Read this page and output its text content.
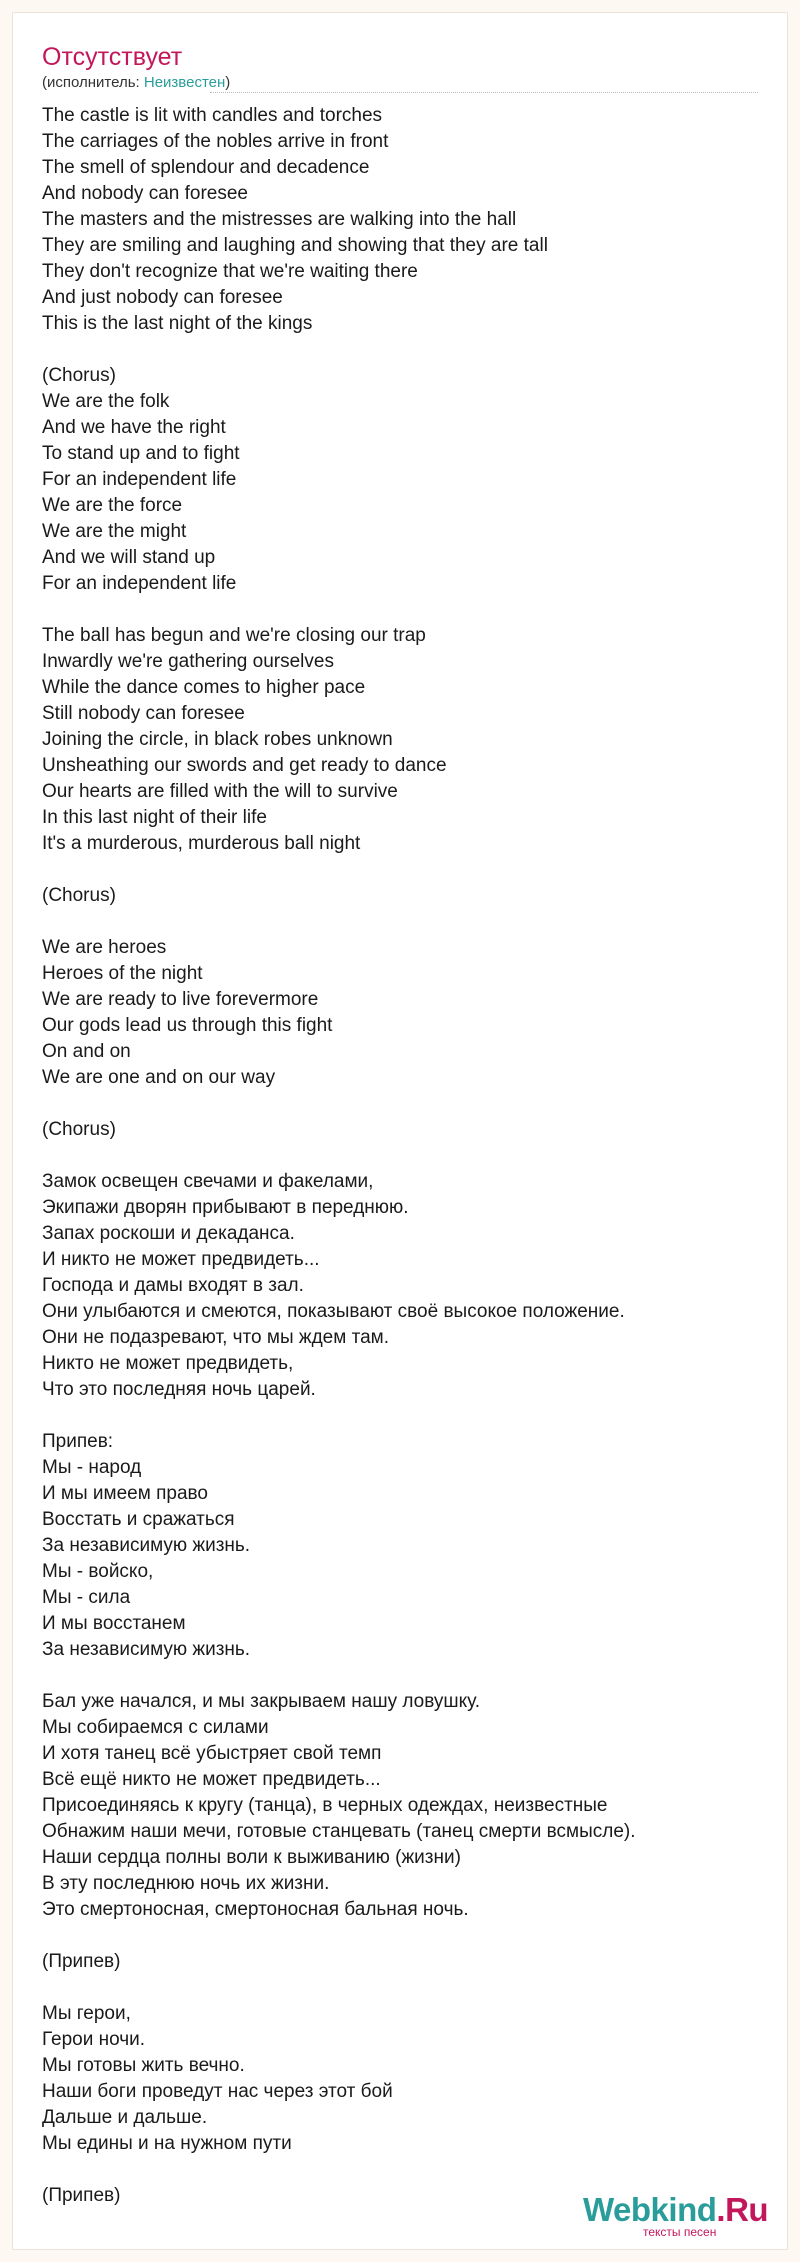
Отсутствует
(исполнитель: Неизвестен)
The castle is lit with candles and torches
The carriages of the nobles arrive in front
The smell of splendour and decadence
And nobody can foresee
The masters and the mistresses are walking into the hall
They are smiling and laughing and showing that they are tall
They don't recognize that we're waiting there
And just nobody can foresee
This is the last night of the kings
(Chorus)
We are the folk
And we have the right
To stand up and to fight
For an independent life
We are the force
We are the might
And we will stand up
For an independent life
The ball has begun and we're closing our trap
Inwardly we're gathering ourselves
While the dance comes to higher pace
Still nobody can foresee
Joining the circle, in black robes unknown
Unsheathing our swords and get ready to dance
Our hearts are filled with the will to survive
In this last night of their life
It's a murderous, murderous ball night
(Chorus)
We are heroes
Heroes of the night
We are ready to live forevermore
Our gods lead us through this fight
On and on
We are one and on our way
(Chorus)
Замок освещен свечами и факелами,
Экипажи дворян прибывают в переднюю.
Запах роскоши и декаданса.
И никто не может предвидеть...
Господа и дамы входят в зал.
Они улыбаются и смеются, показывают своё высокое положение.
Они не подазревают, что мы ждем там.
Никто не может предвидеть,
Что это последняя ночь царей.
Припев:
Мы - народ
И мы имеем право
Восстать и сражаться
За независимую жизнь.
Мы - войско,
Мы - сила
И мы восстанем
За независимую жизнь.
Бал уже начался, и мы закрываем нашу ловушку.
Мы собираемся с силами
И хотя танец всё убыстряет свой темп
Всё ещё никто не может предвидеть...
Присоединяясь к кругу (танца), в черных одеждах, неизвестные
Обнажим наши мечи, готовые станцевать (танец смерти всмысле).
Наши сердца полны воли к выживанию (жизни)
В эту последнюю ночь их жизни.
Это смертоносная, смертоносная бальная ночь.
(Припев)
Мы герои,
Герои ночи.
Мы готовы жить вечно.
Наши боги проведут нас через этот бой
Дальше и дальше.
Мы едины и на нужном пути
(Припев)	Webkind.Ru
тексты песен
